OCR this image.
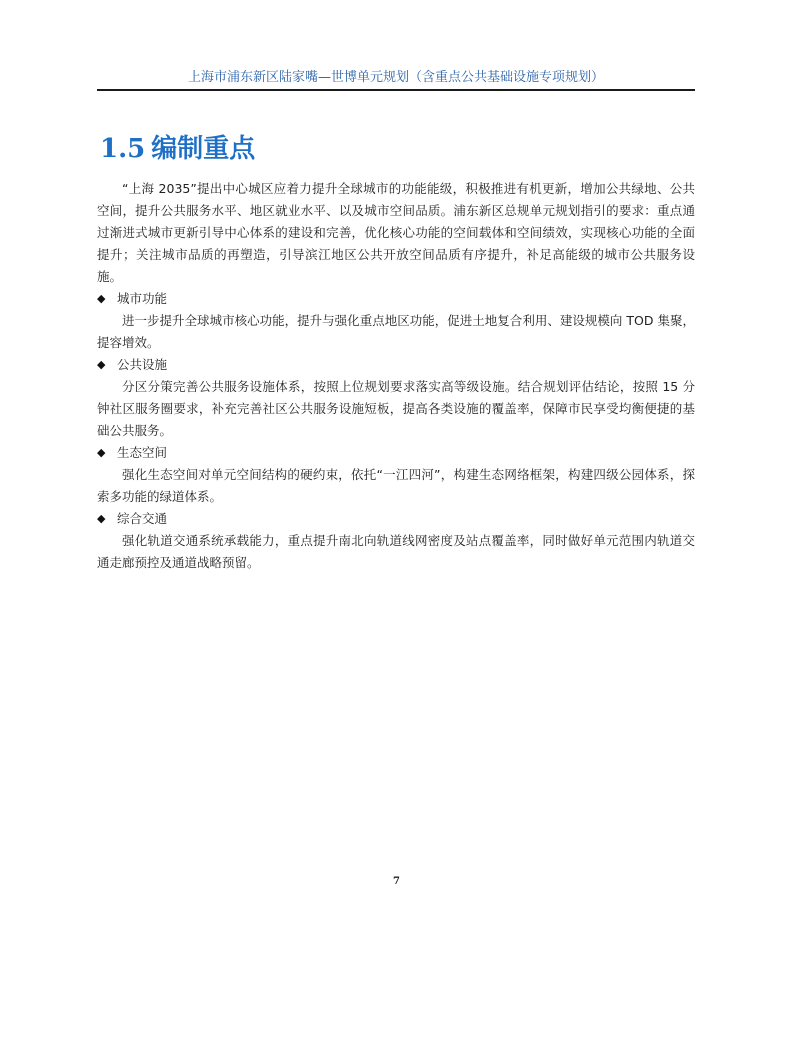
上海市浦东新区陆家嘴—世博单元规划（含重点公共基础设施专项规划）
1.5 编制重点

“上海 2035”提出中心城区应着力提升全球城市的功能能级，积极推进有机更新，增加公共绿地、公共空间，提升公共服务水平、地区就业水平、以及城市空间品质。浦东新区总规单元规划指引的要求：重点通过渐进式城市更新引导中心体系的建设和完善，优化核心功能的空间载体和空间绩效，实现核心功能的全面提升；关注城市品质的再塑造，引导滨江地区公共开放空间品质有序提升，补足高能级的城市公共服务设施。

◆ 城市功能

进一步提升全球城市核心功能，提升与强化重点地区功能，促进土地复合利用、建设规模向 TOD 集聚，提容增效。

◆ 公共设施

分区分策完善公共服务设施体系，按照上位规划要求落实高等级设施。结合规划评估结论，按照 15 分钟社区服务圈要求，补充完善社区公共服务设施短板，提高各类设施的覆盖率，保障市民享受均衡便捷的基础公共服务。

◆ 生态空间

强化生态空间对单元空间结构的硬约束，依托“一江四河”，构建生态网络框架，构建四级公园体系，探索多功能的绿道体系。

◆ 综合交通

强化轨道交通系统承载能力，重点提升南北向轨道线网密度及站点覆盖率，同时做好单元范围内轨道交通走廊预控及通道战略预留。

7
